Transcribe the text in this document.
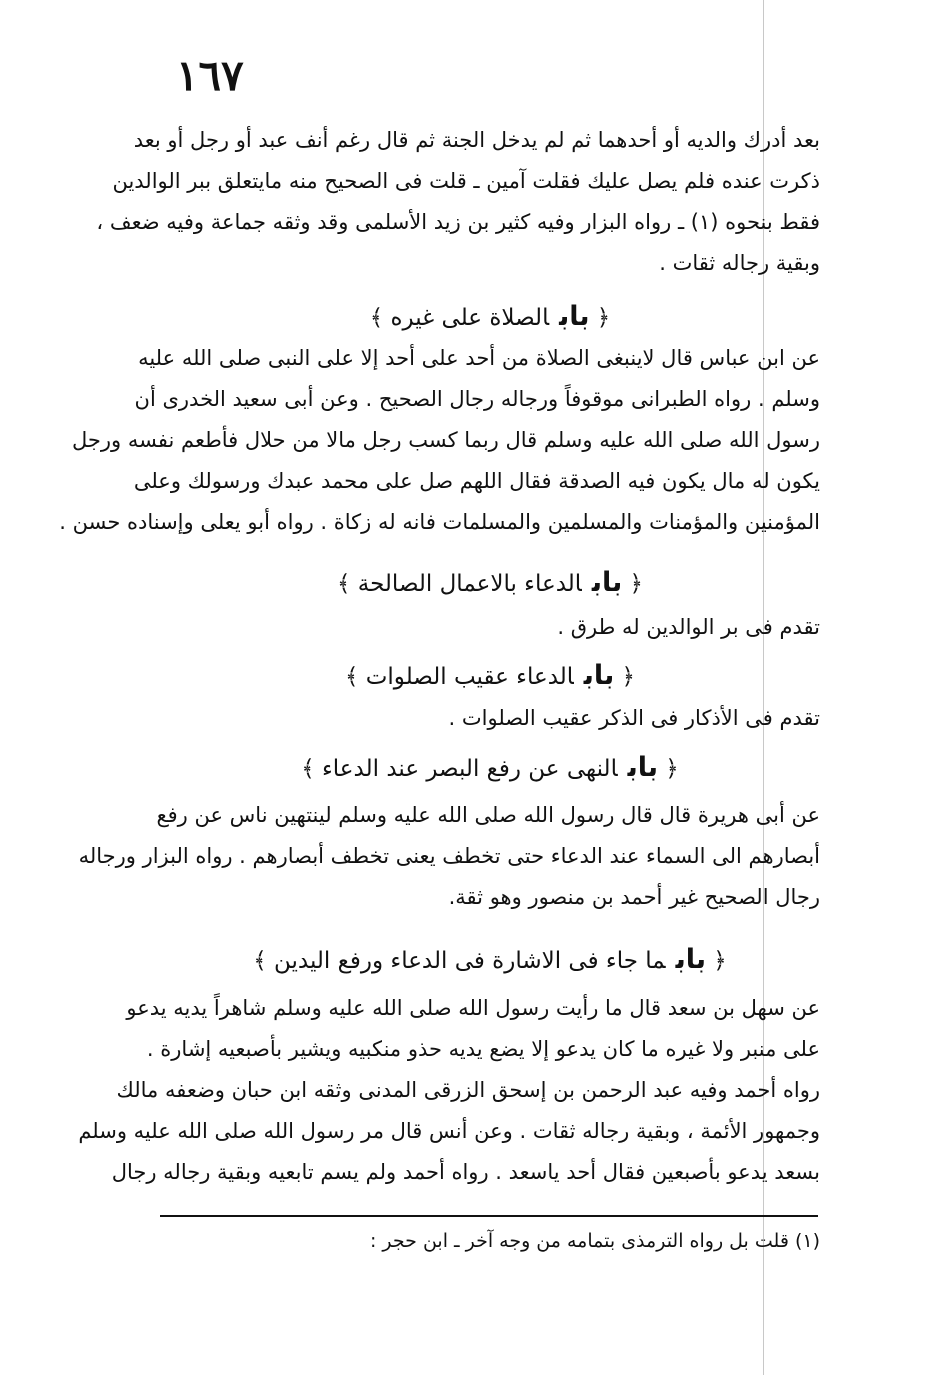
١٦٧
بعد أدرك والديه أو أحدهما ثم لم يدخل الجنة ثم قال رغم أنف عبد أو رجل أو بعد
ذكرت عنده فلم يصل عليك فقلت آمين ـ قلت فى الصحيح منه مايتعلق ببر الوالدين
فقط بنحوه (١) ـ رواه البزار وفيه كثير بن زيد الأسلمى وقد وثقه جماعة وفيه ضعف ،
وبقية رجاله ثقات .
﴿ بابالصلاة على غيره ﴾
عن ابن عباس قال لاينبغى الصلاة من أحد على أحد إلا على النبى صلى الله عليه
وسلم . رواه الطبرانى موقوفاً ورجاله رجال الصحيح . وعن أبى سعيد الخدرى أن
رسول الله صلى الله عليه وسلم قال ربما كسب رجل مالا من حلال فأطعم نفسه ورجل
يكون له مال يكون فيه الصدقة فقال اللهم صل على محمد عبدك ورسولك وعلى
المؤمنين والمؤمنات والمسلمين والمسلمات فانه له زكاة . رواه أبو يعلى وإسناده حسن .
﴿ بابالدعاء بالاعمال الصالحة ﴾
تقدم فى بر الوالدين له طرق .
﴿ بابالدعاء عقيب الصلوات ﴾
تقدم فى الأذكار فى الذكر عقيب الصلوات .
﴿ بابالنهى عن رفع البصر عند الدعاء ﴾
عن أبى هريرة قال قال رسول الله صلى الله عليه وسلم لينتهين ناس عن رفع
أبصارهم الى السماء عند الدعاء حتى تخطف يعنى تخطف أبصارهم . رواه البزار ورجاله
رجال الصحيح غير أحمد بن منصور وهو ثقة.
﴿ بابما جاء فى الاشارة فى الدعاء ورفع اليدين ﴾
عن سهل بن سعد قال ما رأيت رسول الله صلى الله عليه وسلم شاهراً يديه يدعو
على منبر ولا غيره ما كان يدعو إلا يضع يديه حذو منكبيه ويشير بأصبعيه إشارة .
رواه أحمد وفيه عبد الرحمن بن إسحق الزرقى المدنى وثقه ابن حبان وضعفه مالك
وجمهور الأئمة ، وبقية رجاله ثقات . وعن أنس قال مر رسول الله صلى الله عليه وسلم
بسعد يدعو بأصبعين فقال أحد ياسعد . رواه أحمد ولم يسم تابعيه وبقية رجاله رجال
(١) قلت بل رواه الترمذى بتمامه من وجه آخر ـ ابن حجر :
